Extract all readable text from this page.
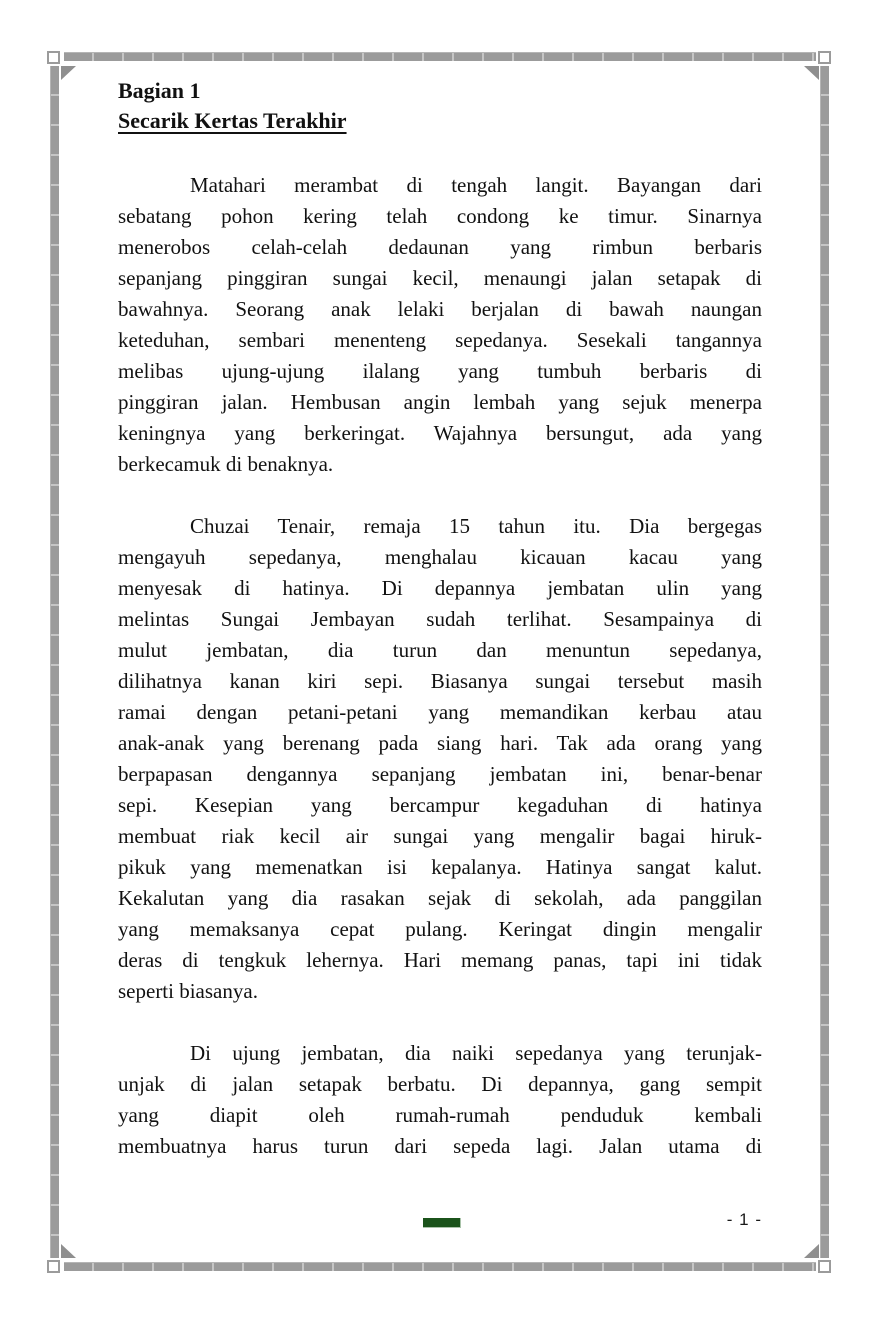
Bagian 1
Secarik Kertas Terakhir
Matahari merambat di tengah langit. Bayangan dari
sebatang pohon kering telah condong ke timur. Sinarnya
menerobos celah-celah dedaunan yang rimbun berbaris
sepanjang pinggiran sungai kecil, menaungi jalan setapak di
bawahnya. Seorang anak lelaki berjalan di bawah naungan
keteduhan, sembari menenteng sepedanya. Sesekali tangannya
melibas ujung-ujung ilalang yang tumbuh berbaris di
pinggiran jalan. Hembusan angin lembah yang sejuk menerpa
keningnya yang berkeringat. Wajahnya bersungut, ada yang
berkecamuk di benaknya.
Chuzai Tenair, remaja 15 tahun itu. Dia bergegas
mengayuh sepedanya, menghalau kicauan kacau yang
menyesak di hatinya. Di depannya jembatan ulin yang
melintas Sungai Jembayan sudah terlihat. Sesampainya di
mulut jembatan, dia turun dan menuntun sepedanya,
dilihatnya kanan kiri sepi. Biasanya sungai tersebut masih
ramai dengan petani-petani yang memandikan kerbau atau
anak-anak yang berenang pada siang hari. Tak ada orang yang
berpapasan dengannya sepanjang jembatan ini, benar-benar
sepi. Kesepian yang bercampur kegaduhan di hatinya
membuat riak kecil air sungai yang mengalir bagai hiruk-
pikuk yang memenatkan isi kepalanya. Hatinya sangat kalut.
Kekalutan yang dia rasakan sejak di sekolah, ada panggilan
yang memaksanya cepat pulang. Keringat dingin mengalir
deras di tengkuk lehernya. Hari memang panas, tapi ini tidak
seperti biasanya.
Di ujung jembatan, dia naiki sepedanya yang terunjak-
unjak di jalan setapak berbatu. Di depannya, gang sempit
yang diapit oleh rumah-rumah penduduk kembali
membuatnya harus turun dari sepeda lagi. Jalan utama di
- 1 -
